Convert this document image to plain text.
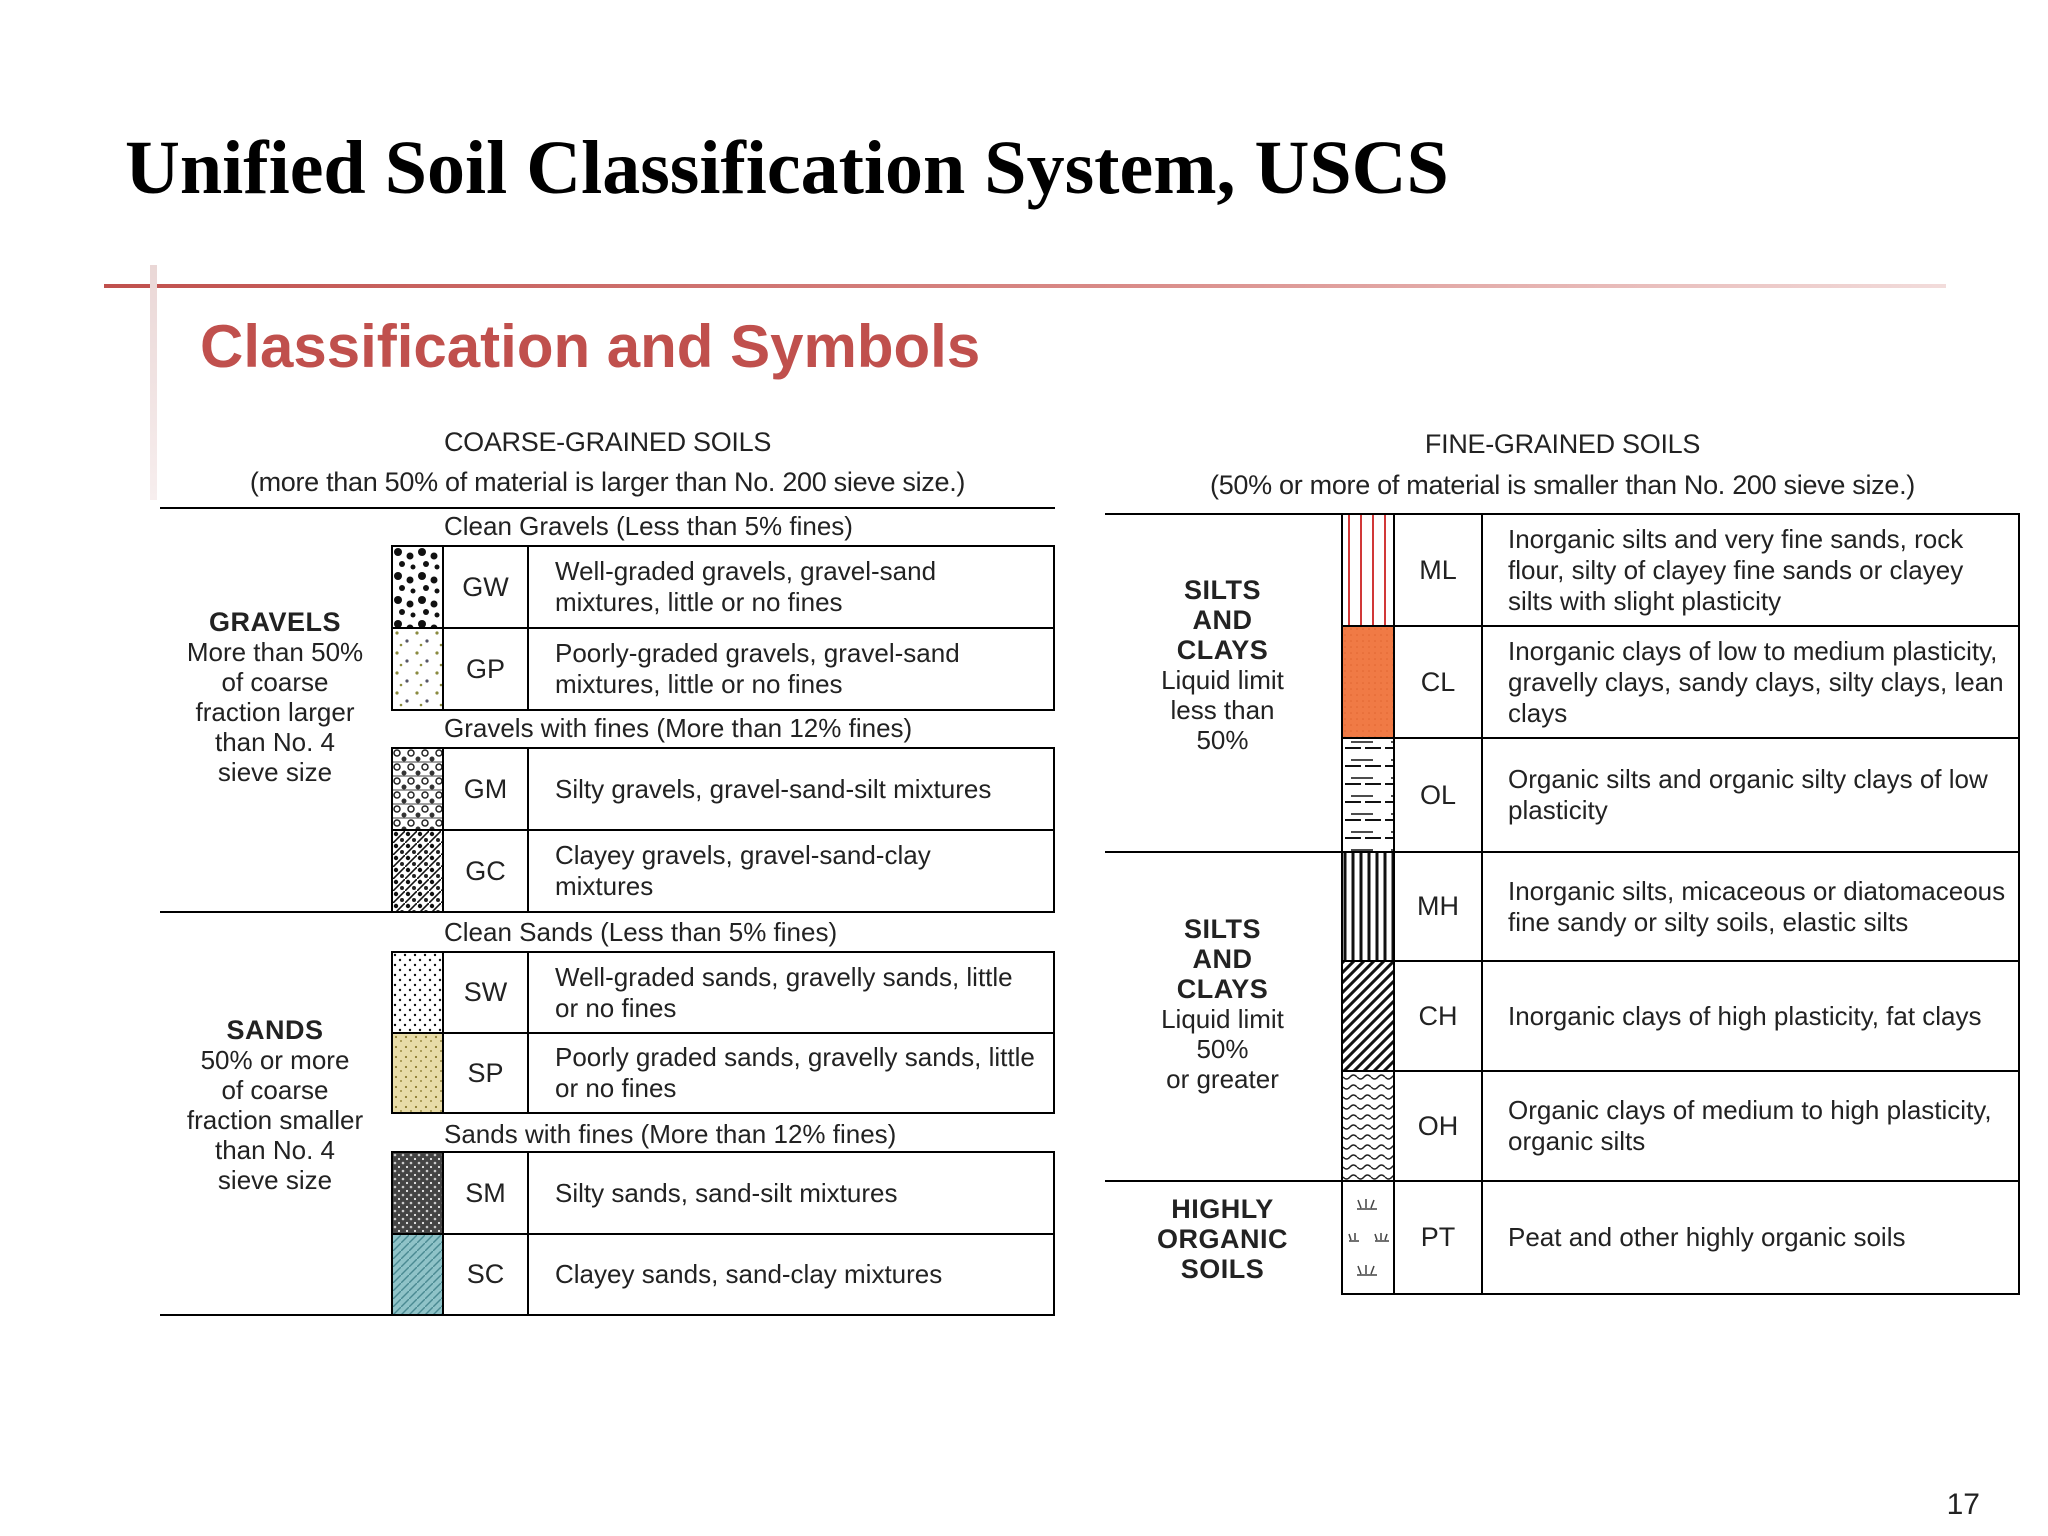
Unified Soil Classification System, USCS
Classification and Symbols
COARSE-GRAINED SOILS
(more than 50% of material is larger than No. 200 sieve size.)
GRAVELS
More than 50%
of coarse
fraction larger
than No. 4
sieve size
SANDS
50% or more
of coarse
fraction smaller
than No. 4
sieve size
Clean Gravels (Less than 5% fines)
Gravels with fines (More than 12% fines)
Clean Sands (Less than 5% fines)
Sands with fines (More than 12% fines)
GW
GP
Well-graded gravels, gravel-sand mixtures, little or no fines
Poorly-graded gravels, gravel-sand mixtures, little or no fines
GM
GC
Silty gravels, gravel-sand-silt mixtures
Clayey gravels, gravel-sand-clay mixtures
SW
SP
Well-graded sands, gravelly sands, little or no fines
Poorly graded sands, gravelly sands, little or no fines
SM
SC
Silty sands, sand-silt mixtures
Clayey sands, sand-clay mixtures
FINE-GRAINED SOILS
(50% or more of material is smaller than No. 200 sieve size.)
SILTS
AND
CLAYS
Liquid limit
less than
50%
SILTS
AND
CLAYS
Liquid limit
50%
or greater
HIGHLY
ORGANIC
SOILS
ML
CL
OL
MH
CH
OH
PT
Inorganic silts and very fine sands, rock flour, silty of clayey fine sands or clayey silts with slight plasticity
Inorganic clays of low to medium plasticity, gravelly clays, sandy clays, silty clays, lean clays
Organic silts and organic silty clays of low plasticity
Inorganic silts, micaceous or diatomaceous fine sandy or silty soils, elastic silts
Inorganic clays of high plasticity, fat clays
Organic clays of medium to high plasticity, organic silts
Peat and other highly organic soils
17
